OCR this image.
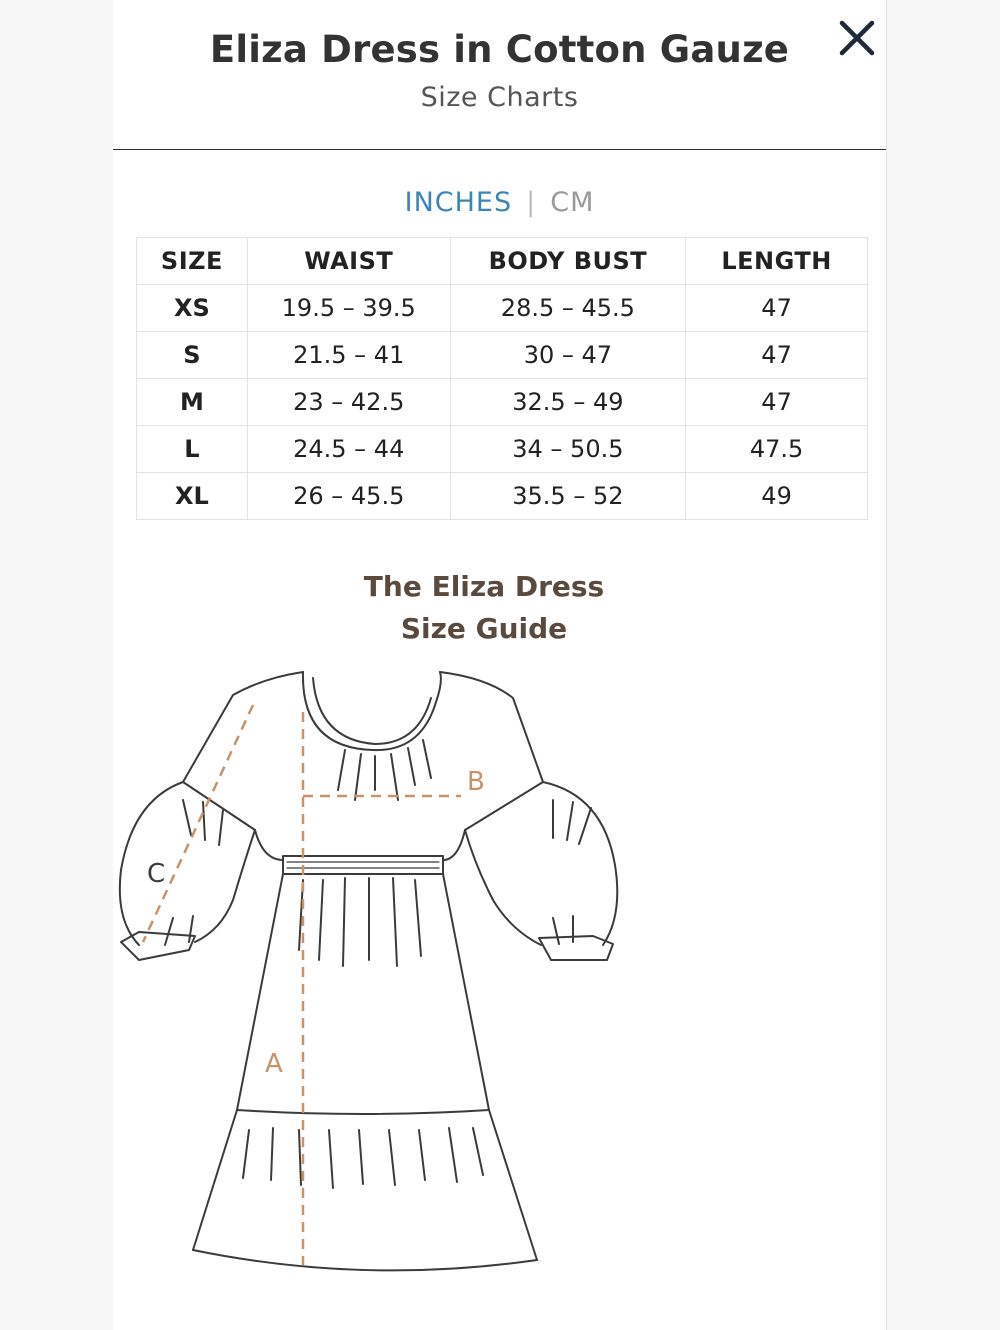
Eliza Dress in Cotton Gauze
Size Charts
INCHES | CM
SIZE	WAIST	BODY BUST	LENGTH
XS	19.5 – 39.5	28.5 – 45.5	47
S	21.5 – 41	30 – 47	47
M	23 – 42.5	32.5 – 49	47
L	24.5 – 44	34 – 50.5	47.5
XL	26 – 45.5	35.5 – 52	49
The Eliza Dress
Size Guide
A
B
C
